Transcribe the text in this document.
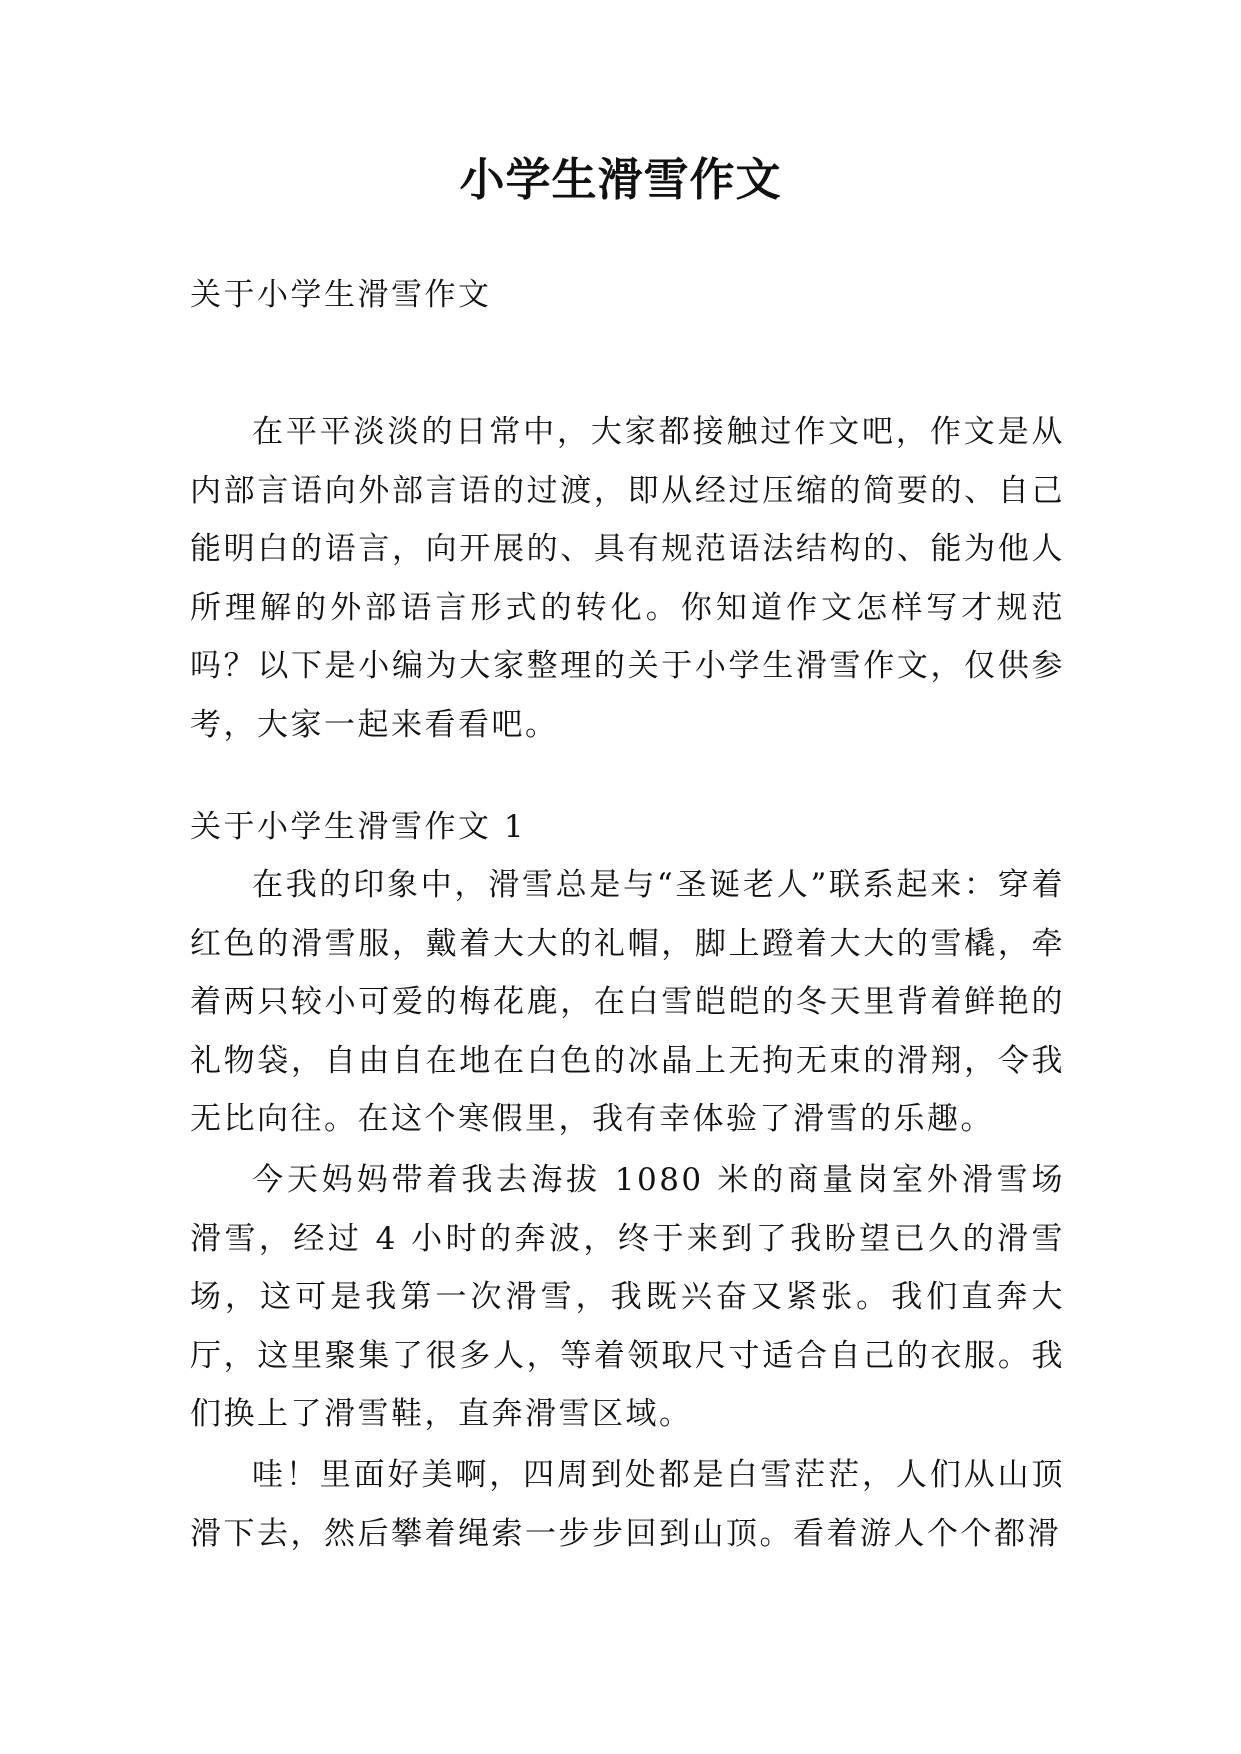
小学生滑雪作文

关于小学生滑雪作文

在平平淡淡的日常中，大家都接触过作文吧，作文是从内部言语向外部言语的过渡，即从经过压缩的简要的、自己能明白的语言，向开展的、具有规范语法结构的、能为他人所理解的外部语言形式的转化。你知道作文怎样写才规范吗？以下是小编为大家整理的关于小学生滑雪作文，仅供参考，大家一起来看看吧。

关于小学生滑雪作文 1

在我的印象中，滑雪总是与“圣诞老人”联系起来：穿着红色的滑雪服，戴着大大的礼帽，脚上蹬着大大的雪橇，牵着两只较小可爱的梅花鹿，在白雪皑皑的冬天里背着鲜艳的礼物袋，自由自在地在白色的冰晶上无拘无束的滑翔，令我无比向往。在这个寒假里，我有幸体验了滑雪的乐趣。

今天妈妈带着我去海拔 1080 米的商量岗室外滑雪场滑雪，经过 4 小时的奔波，终于来到了我盼望已久的滑雪场，这可是我第一次滑雪，我既兴奋又紧张。我们直奔大厅，这里聚集了很多人，等着领取尺寸适合自己的衣服。我们换上了滑雪鞋，直奔滑雪区域。

哇！里面好美啊，四周到处都是白雪茫茫，人们从山顶滑下去，然后攀着绳索一步步回到山顶。看着游人个个都滑
